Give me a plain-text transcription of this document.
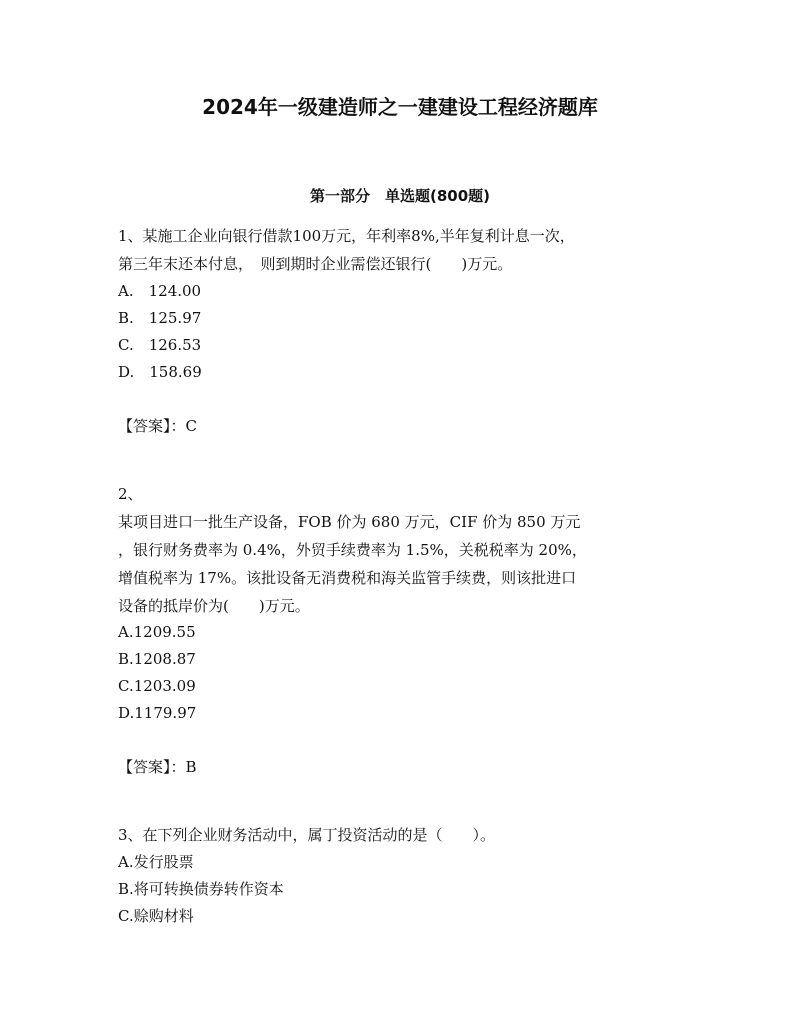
2024年一级建造师之一建建设工程经济题库
第一部分　单选题(800题)
1、某施工企业向银行借款100万元，年利率8%,半年复利计息一次，
第三年末还本付息，　则到期时企业需偿还银行(　　)万元。
A.　124.00
B.　125.97
C.　126.53
D.　158.69
【答案】：C
2、
某项目进口一批生产设备，FOB 价为 680 万元，CIF 价为 850 万元
，银行财务费率为 0.4%，外贸手续费率为 1.5%，关税税率为 20%，
增值税率为 17%。该批设备无消费税和海关监管手续费，则该批进口
设备的抵岸价为(　　)万元。
A.1209.55
B.1208.87
C.1203.09
D.1179.97
【答案】：B
3、在下列企业财务活动中，属丁投资活动的是（　　）。
A.发行股票
B.将可转换债券转作资本
C.赊购材料
